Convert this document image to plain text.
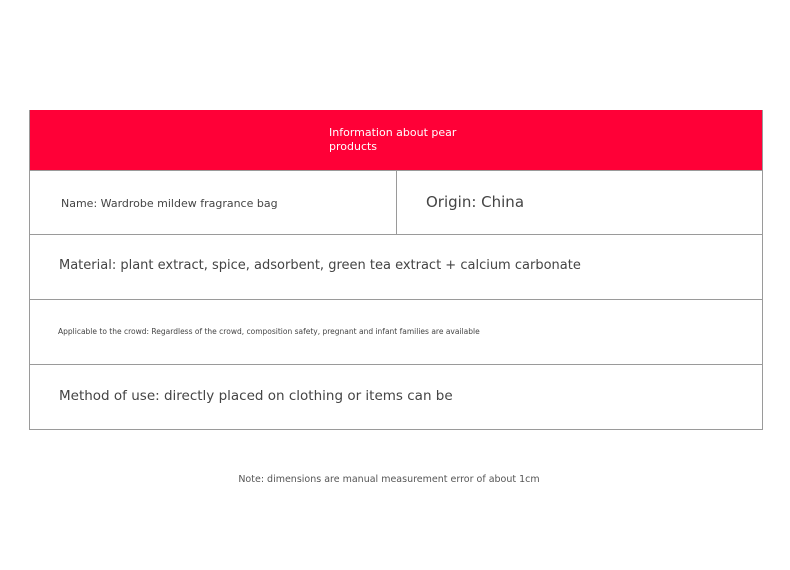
Information about pear products
Name: Wardrobe mildew fragrance bag	Origin: China
Material: plant extract, spice, adsorbent, green tea extract + calcium carbonate
Applicable to the crowd: Regardless of the crowd, composition safety, pregnant and infant families are available
Method of use: directly placed on clothing or items can be
Note: dimensions are manual measurement error of about 1cm
